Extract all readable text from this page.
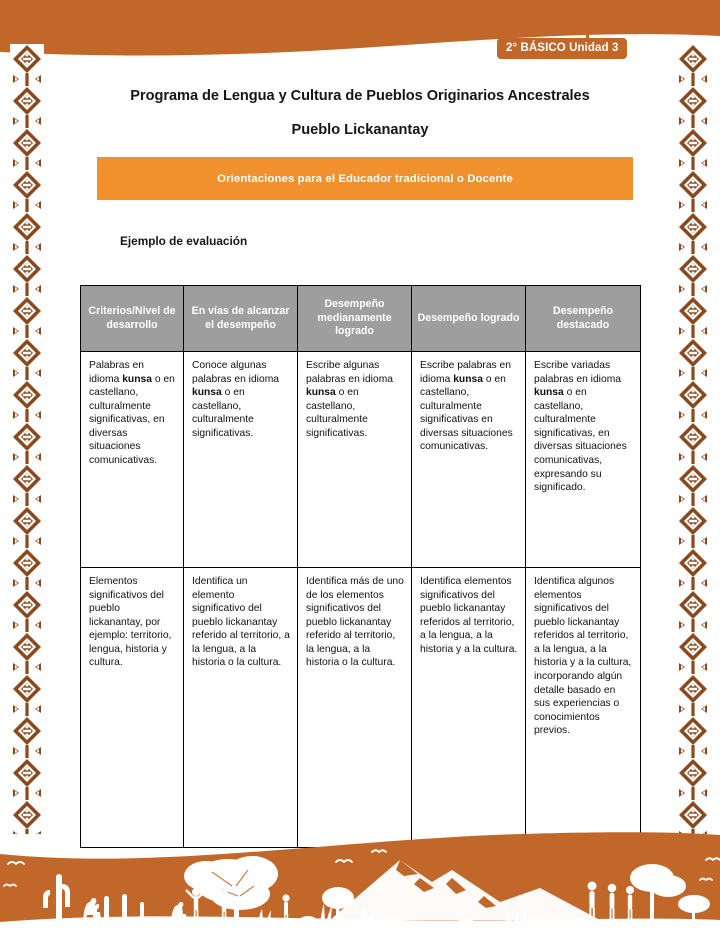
2° BÁSICO Unidad 3
Programa de Lengua y Cultura de Pueblos Originarios Ancestrales
Pueblo Lickanantay
Orientaciones para el Educador tradicional o Docente
Ejemplo de evaluación
Criterios/Nivel de desarrollo	En vías de alcanzar el desempeño	Desempeño medianamente logrado	Desempeño logrado	Desempeño destacado

Palabras en idioma kunsa o en castellano, culturalmente significativas, en diversas situaciones comunicativas.	Conoce algunas palabras en idioma kunsa o en castellano, culturalmente significativas.	Escribe algunas palabras en idioma kunsa o en castellano, culturalmente significativas.	Escribe palabras en idioma kunsa o en castellano, culturalmente significativas en diversas situaciones comunicativas.	Escribe variadas palabras en idioma kunsa o en castellano, culturalmente significativas, en diversas situaciones comunicativas, expresando su significado.

Elementos significativos del pueblo lickanantay, por ejemplo: territorio, lengua, historia y cultura.	Identifica un elemento significativo del pueblo lickanantay referido al territorio, a la lengua, a la historia o la cultura.	Identifica más de uno de los elementos significativos del pueblo lickanantay referido al territorio, la lengua, a la historia o la cultura.	Identifica elementos significativos del pueblo lickanantay referidos al territorio, a la lengua, a la historia y a la cultura.	Identifica algunos elementos significativos del pueblo lickanantay referidos al territorio, a la lengua, a la historia y a la cultura, incorporando algún detalle basado en sus experiencias o conocimientos previos.
